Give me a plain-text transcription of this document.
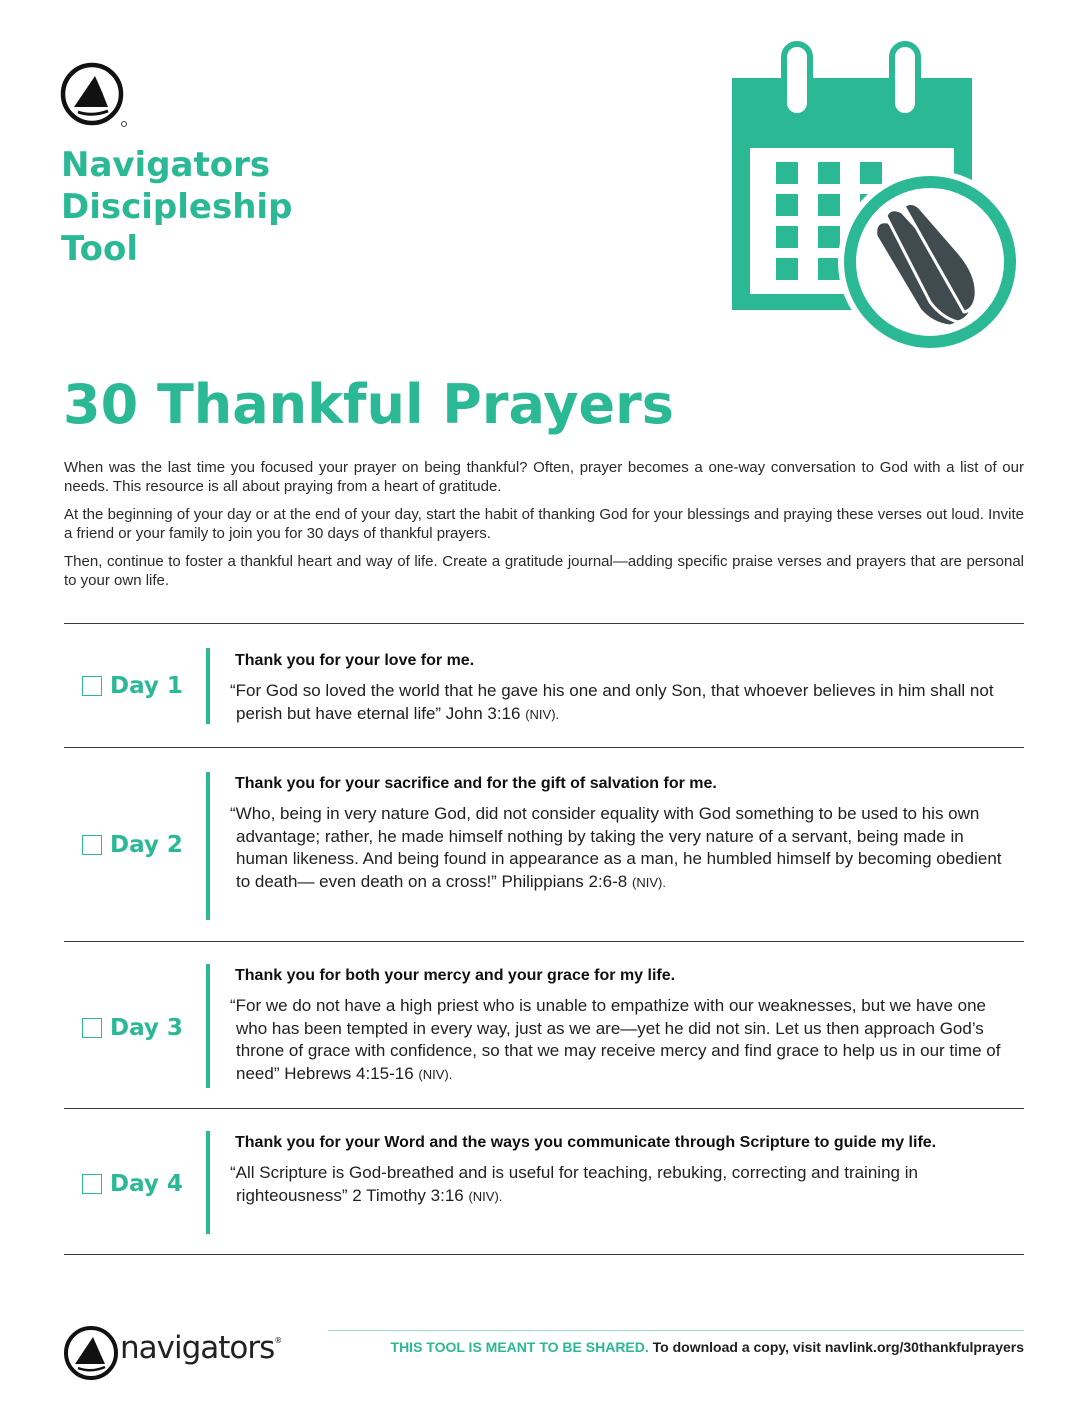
Navigators
Discipleship
Tool
30 Thankful Prayers

When was the last time you focused your prayer on being thankful? Often, prayer becomes a one-way conversation to God with a list of our needs. This resource is all about praying from a heart of gratitude.

At the beginning of your day or at the end of your day, start the habit of thanking God for your blessings and praying these verses out loud. Invite a friend or your family to join you for 30 days of thankful prayers.

Then, continue to foster a thankful heart and way of life. Create a gratitude journal—adding specific praise verses and prayers that are personal to your own life.

Day 1

Thank you for your love for me.

“For God so loved the world that he gave his one and only Son, that whoever believes in him shall not perish but have eternal life” John 3:16 (NIV).

Day 2

Thank you for your sacrifice and for the gift of salvation for me.

“Who, being in very nature God, did not consider equality with God something to be used to his own advantage; rather, he made himself nothing by taking the very nature of a servant, being made in human likeness. And being found in appearance as a man, he humbled himself by becoming obedient to death— even death on a cross!” Philippians 2:6-8 (NIV).

Day 3

Thank you for both your mercy and your grace for my life.

“For we do not have a high priest who is unable to empathize with our weaknesses, but we have one who has been tempted in every way, just as we are—yet he did not sin. Let us then approach God’s throne of grace with confidence, so that we may receive mercy and find grace to help us in our time of need” Hebrews 4:15-16 (NIV).

Day 4

Thank you for your Word and the ways you communicate through Scripture to guide my life.

“All Scripture is God-breathed and is useful for teaching, rebuking, correcting and training in righteousness” 2 Timothy 3:16 (NIV).

navigators®	THIS TOOL IS MEANT TO BE SHARED. To download a copy, visit navlink.org/30thankfulprayers
